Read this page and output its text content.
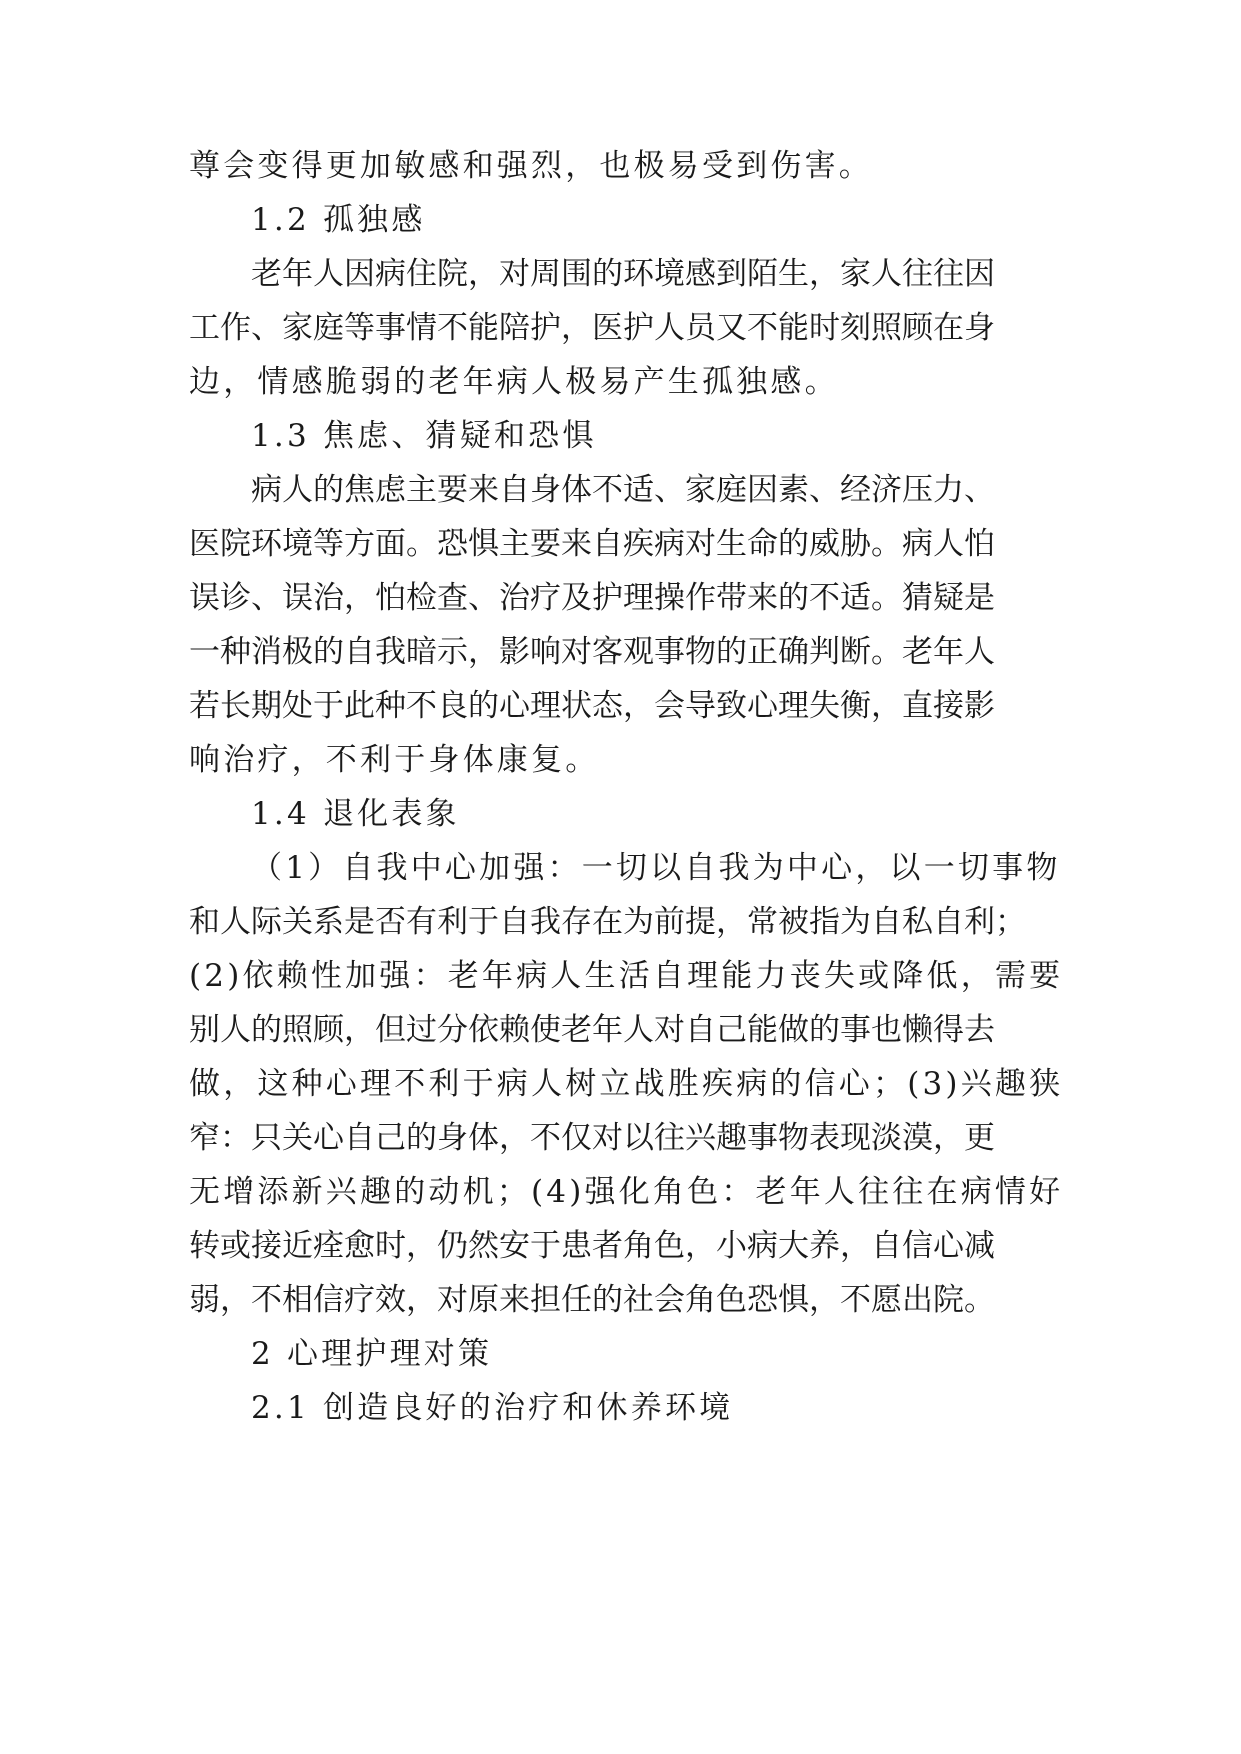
尊会变得更加敏感和强烈，也极易受到伤害。
1.2 孤独感
老年人因病住院，对周围的环境感到陌生，家人往往因
工作、家庭等事情不能陪护，医护人员又不能时刻照顾在身
边，情感脆弱的老年病人极易产生孤独感。
1.3 焦虑、猜疑和恐惧
病人的焦虑主要来自身体不适、家庭因素、经济压力、
医院环境等方面。恐惧主要来自疾病对生命的威胁。病人怕
误诊、误治，怕检查、治疗及护理操作带来的不适。猜疑是
一种消极的自我暗示，影响对客观事物的正确判断。老年人
若长期处于此种不良的心理状态，会导致心理失衡，直接影
响治疗，不利于身体康复。
1.4 退化表象
（1）自我中心加强：一切以自我为中心，以一切事物
和人际关系是否有利于自我存在为前提，常被指为自私自利；
(2)依赖性加强：老年病人生活自理能力丧失或降低，需要
别人的照顾，但过分依赖使老年人对自己能做的事也懒得去
做，这种心理不利于病人树立战胜疾病的信心；(3)兴趣狭
窄：只关心自己的身体，不仅对以往兴趣事物表现淡漠，更
无增添新兴趣的动机；(4)强化角色：老年人往往在病情好
转或接近痊愈时，仍然安于患者角色，小病大养，自信心减
弱，不相信疗效，对原来担任的社会角色恐惧，不愿出院。
2 心理护理对策
2.1 创造良好的治疗和休养环境
